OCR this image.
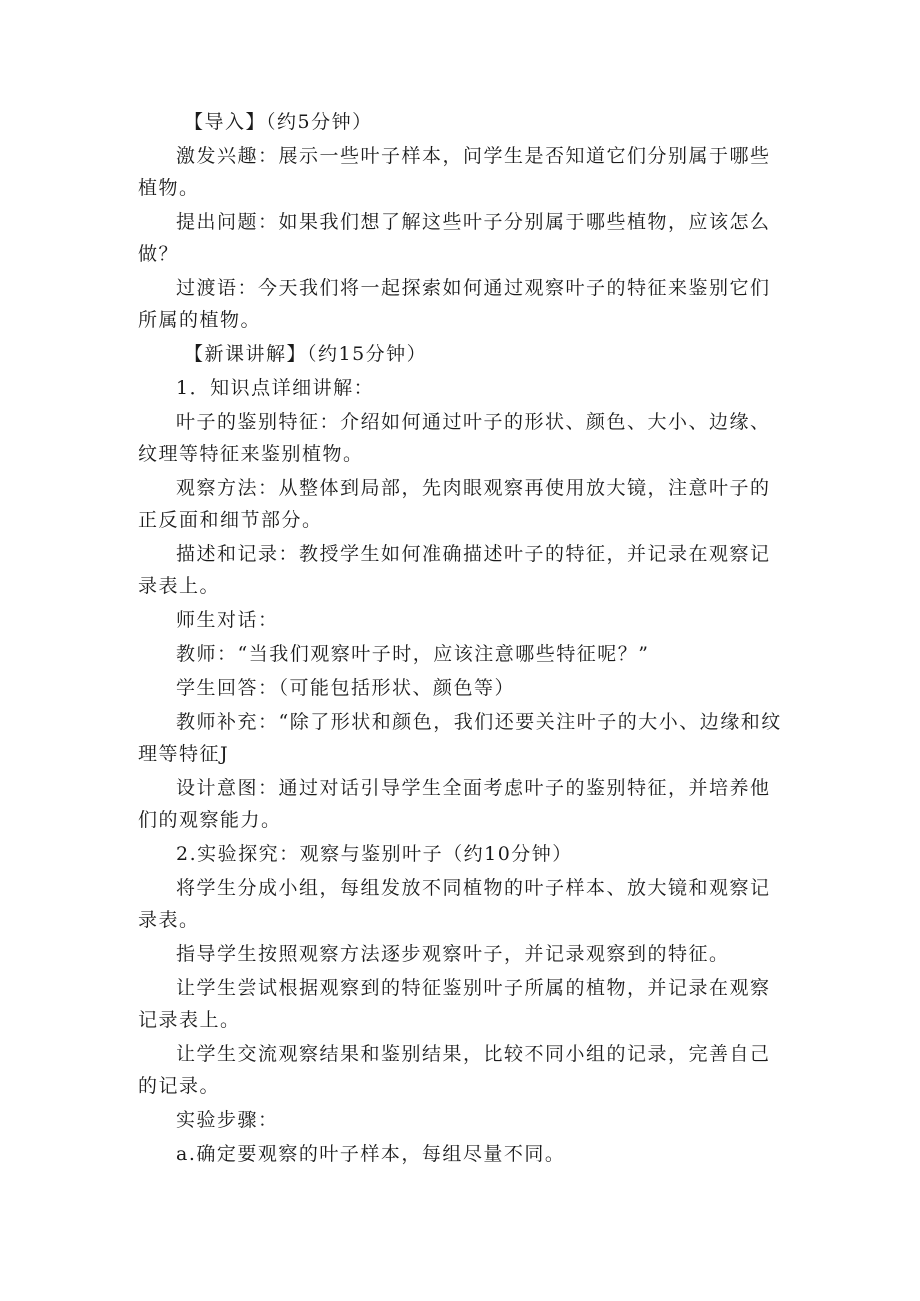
【导入】（约5分钟）

激发兴趣：展示一些叶子样本，问学生是否知道它们分别属于哪些植物。

提出问题：如果我们想了解这些叶子分别属于哪些植物，应该怎么做？

过渡语：今天我们将一起探索如何通过观察叶子的特征来鉴别它们所属的植物。

【新课讲解】（约15分钟）

1．知识点详细讲解：

叶子的鉴别特征：介绍如何通过叶子的形状、颜色、大小、边缘、纹理等特征来鉴别植物。

观察方法：从整体到局部，先肉眼观察再使用放大镜，注意叶子的正反面和细节部分。

描述和记录：教授学生如何准确描述叶子的特征，并记录在观察记录表上。

师生对话：

教师：“当我们观察叶子时，应该注意哪些特征呢？”

学生回答：（可能包括形状、颜色等）

教师补充：“除了形状和颜色，我们还要关注叶子的大小、边缘和纹理等特征J

设计意图：通过对话引导学生全面考虑叶子的鉴别特征，并培养他们的观察能力。

2.实验探究：观察与鉴别叶子（约10分钟）

将学生分成小组，每组发放不同植物的叶子样本、放大镜和观察记录表。

指导学生按照观察方法逐步观察叶子，并记录观察到的特征。

让学生尝试根据观察到的特征鉴别叶子所属的植物，并记录在观察记录表上。

让学生交流观察结果和鉴别结果，比较不同小组的记录，完善自己的记录。

实验步骤：

a.确定要观察的叶子样本，每组尽量不同。
